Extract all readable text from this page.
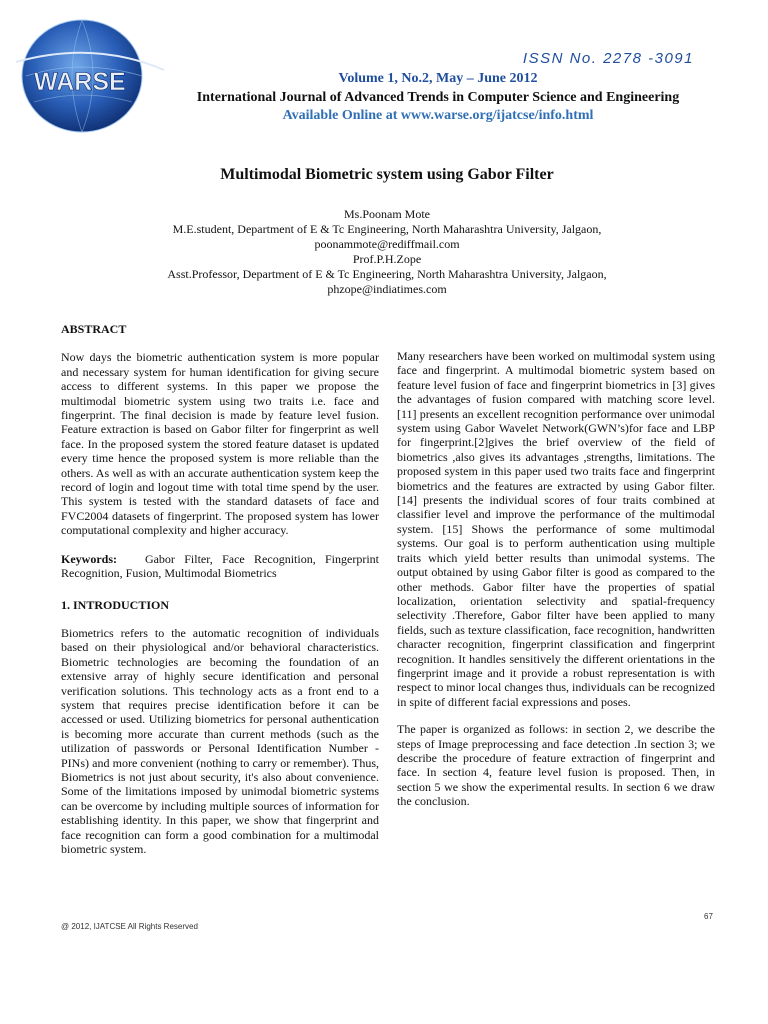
WARSE
ISSN No. 2278 -3091
Volume 1, No.2, May – June 2012
International Journal of Advanced Trends in Computer Science and Engineering
Available Online at www.warse.org/ijatcse/info.html
Multimodal Biometric system using Gabor Filter
Ms.Poonam Mote
M.E.student, Department of E & Tc Engineering, North Maharashtra University, Jalgaon,
poonammote@rediffmail.com
Prof.P.H.Zope
Asst.Professor, Department of E & Tc Engineering, North Maharashtra University, Jalgaon,
phzope@indiatimes.com

ABSTRACT

Now days the biometric authentication system is more popular and necessary system for human identification for giving secure access to different systems. In this paper we propose the multimodal biometric system using two traits i.e. face and fingerprint. The final decision is made by feature level fusion. Feature extraction is based on Gabor filter for fingerprint as well face. In the proposed system the stored feature dataset is updated every time hence the proposed system is more reliable than the others. As well as with an accurate authentication system keep the record of login and logout time with total time spend by the user. This system is tested with the standard datasets of face and FVC2004 datasets of fingerprint. The proposed system has lower computational complexity and higher accuracy.

Keywords: Gabor Filter, Face Recognition, Fingerprint Recognition, Fusion, Multimodal Biometrics

1. INTRODUCTION

Biometrics refers to the automatic recognition of individuals based on their physiological and/or behavioral characteristics. Biometric technologies are becoming the foundation of an extensive array of highly secure identification and personal verification solutions. This technology acts as a front end to a system that requires precise identification before it can be accessed or used. Utilizing biometrics for personal authentication is becoming more accurate than current methods (such as the utilization of passwords or Personal Identification Number - PINs) and more convenient (nothing to carry or remember). Thus, Biometrics is not just about security, it's also about convenience. Some of the limitations imposed by unimodal biometric systems can be overcome by including multiple sources of information for establishing identity. In this paper, we show that fingerprint and face recognition can form a good combination for a multimodal biometric system.

Many researchers have been worked on multimodal system using face and fingerprint. A multimodal biometric system based on feature level fusion of face and fingerprint biometrics in [3] gives the advantages of fusion compared with matching score level. [11] presents an excellent recognition performance over unimodal system using Gabor Wavelet Network(GWN’s)for face and LBP for fingerprint.[2]gives the brief overview of the field of biometrics ,also gives its advantages ,strengths, limitations. The proposed system in this paper used two traits face and fingerprint biometrics and the features are extracted by using Gabor filter. [14] presents the individual scores of four traits combined at classifier level and improve the performance of the multimodal system. [15] Shows the performance of some multimodal systems. Our goal is to perform authentication using multiple traits which yield better results than unimodal systems. The output obtained by using Gabor filter is good as compared to the other methods. Gabor filter have the properties of spatial localization, orientation selectivity and spatial-frequency selectivity .Therefore, Gabor filter have been applied to many fields, such as texture classification, face recognition, handwritten character recognition, fingerprint classification and fingerprint recognition. It handles sensitively the different orientations in the fingerprint image and it provide a robust representation is with respect to minor local changes thus, individuals can be recognized in spite of different facial expressions and poses.

The paper is organized as follows: in section 2, we describe the steps of Image preprocessing and face detection .In section 3; we describe the procedure of feature extraction of fingerprint and face. In section 4, feature level fusion is proposed. Then, in section 5 we show the experimental results. In section 6 we draw the conclusion.

67
@ 2012, IJATCSE All Rights Reserved
